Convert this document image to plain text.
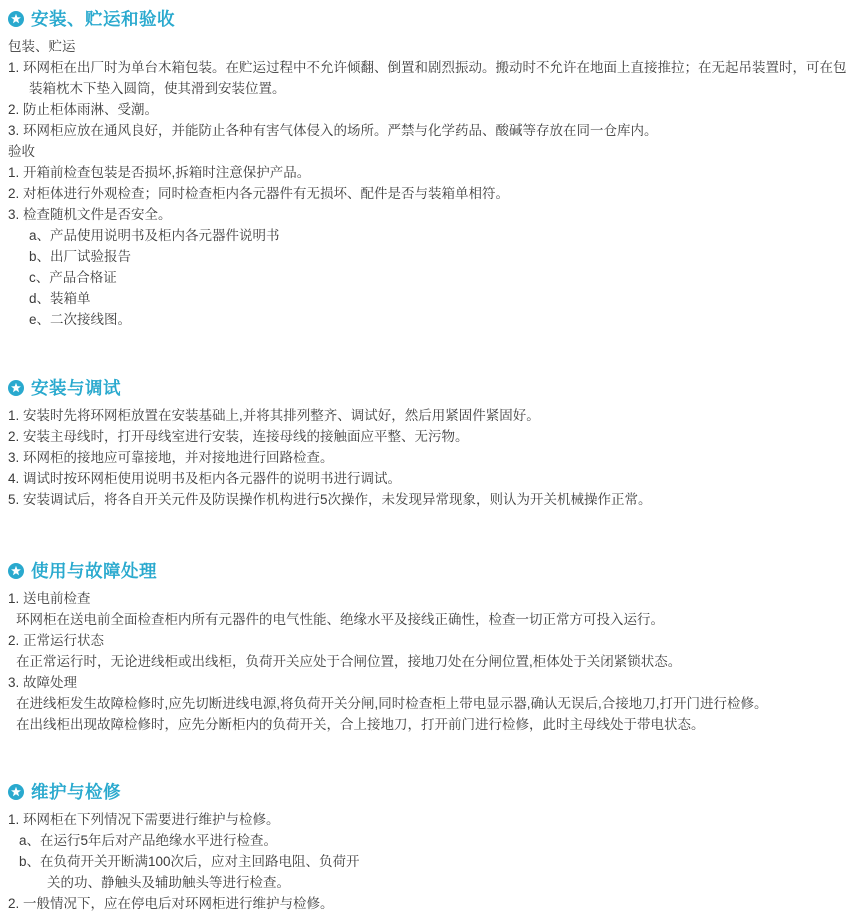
安装、贮运和验收
包装、贮运
1. 环网柜在出厂时为单台木箱包装。在贮运过程中不允许倾翻、倒置和剧烈振动。搬动时不允许在地面上直接推拉；在无起吊装置时，可在包
装箱枕木下垫入圆筒，使其滑到安装位置。
2. 防止柜体雨淋、受潮。
3. 环网柜应放在通风良好，并能防止各种有害气体侵入的场所。严禁与化学药品、酸碱等存放在同一仓库内。
验收
1. 开箱前检查包装是否损坏,拆箱时注意保护产品。
2. 对柜体进行外观检查；同时检查柜内各元器件有无损坏、配件是否与装箱单相符。
3. 检查随机文件是否安全。
a、产品使用说明书及柜内各元器件说明书
b、出厂试验报告
c、产品合格证
d、装箱单
e、二次接线图。
安装与调试
1. 安装时先将环网柜放置在安装基础上,并将其排列整齐、调试好，然后用紧固件紧固好。
2. 安装主母线时，打开母线室进行安装，连接母线的接触面应平整、无污物。
3. 环网柜的接地应可靠接地，并对接地进行回路检查。
4. 调试时按环网柜使用说明书及柜内各元器件的说明书进行调试。
5. 安装调试后，将各自开关元件及防误操作机构进行5次操作，未发现异常现象，则认为开关机械操作正常。
使用与故障处理
1. 送电前检查
环网柜在送电前全面检查柜内所有元器件的电气性能、绝缘水平及接线正确性，检查一切正常方可投入运行。
2. 正常运行状态
在正常运行时，无论进线柜或出线柜，负荷开关应处于合闸位置，接地刀处在分闸位置,柜体处于关闭紧锁状态。
3. 故障处理
在进线柜发生故障检修时,应先切断进线电源,将负荷开关分闸,同时检查柜上带电显示器,确认无误后,合接地刀,打开门进行检修。
在出线柜出现故障检修时，应先分断柜内的负荷开关，合上接地刀，打开前门进行检修，此时主母线处于带电状态。
维护与检修
1. 环网柜在下列情况下需要进行维护与检修。
a、在运行5年后对产品绝缘水平进行检查。
b、在负荷开关开断满100次后，应对主回路电阻、负荷开
关的功、静触头及辅助触头等进行检查。
2. 一般情况下，应在停电后对环网柜进行维护与检修。
